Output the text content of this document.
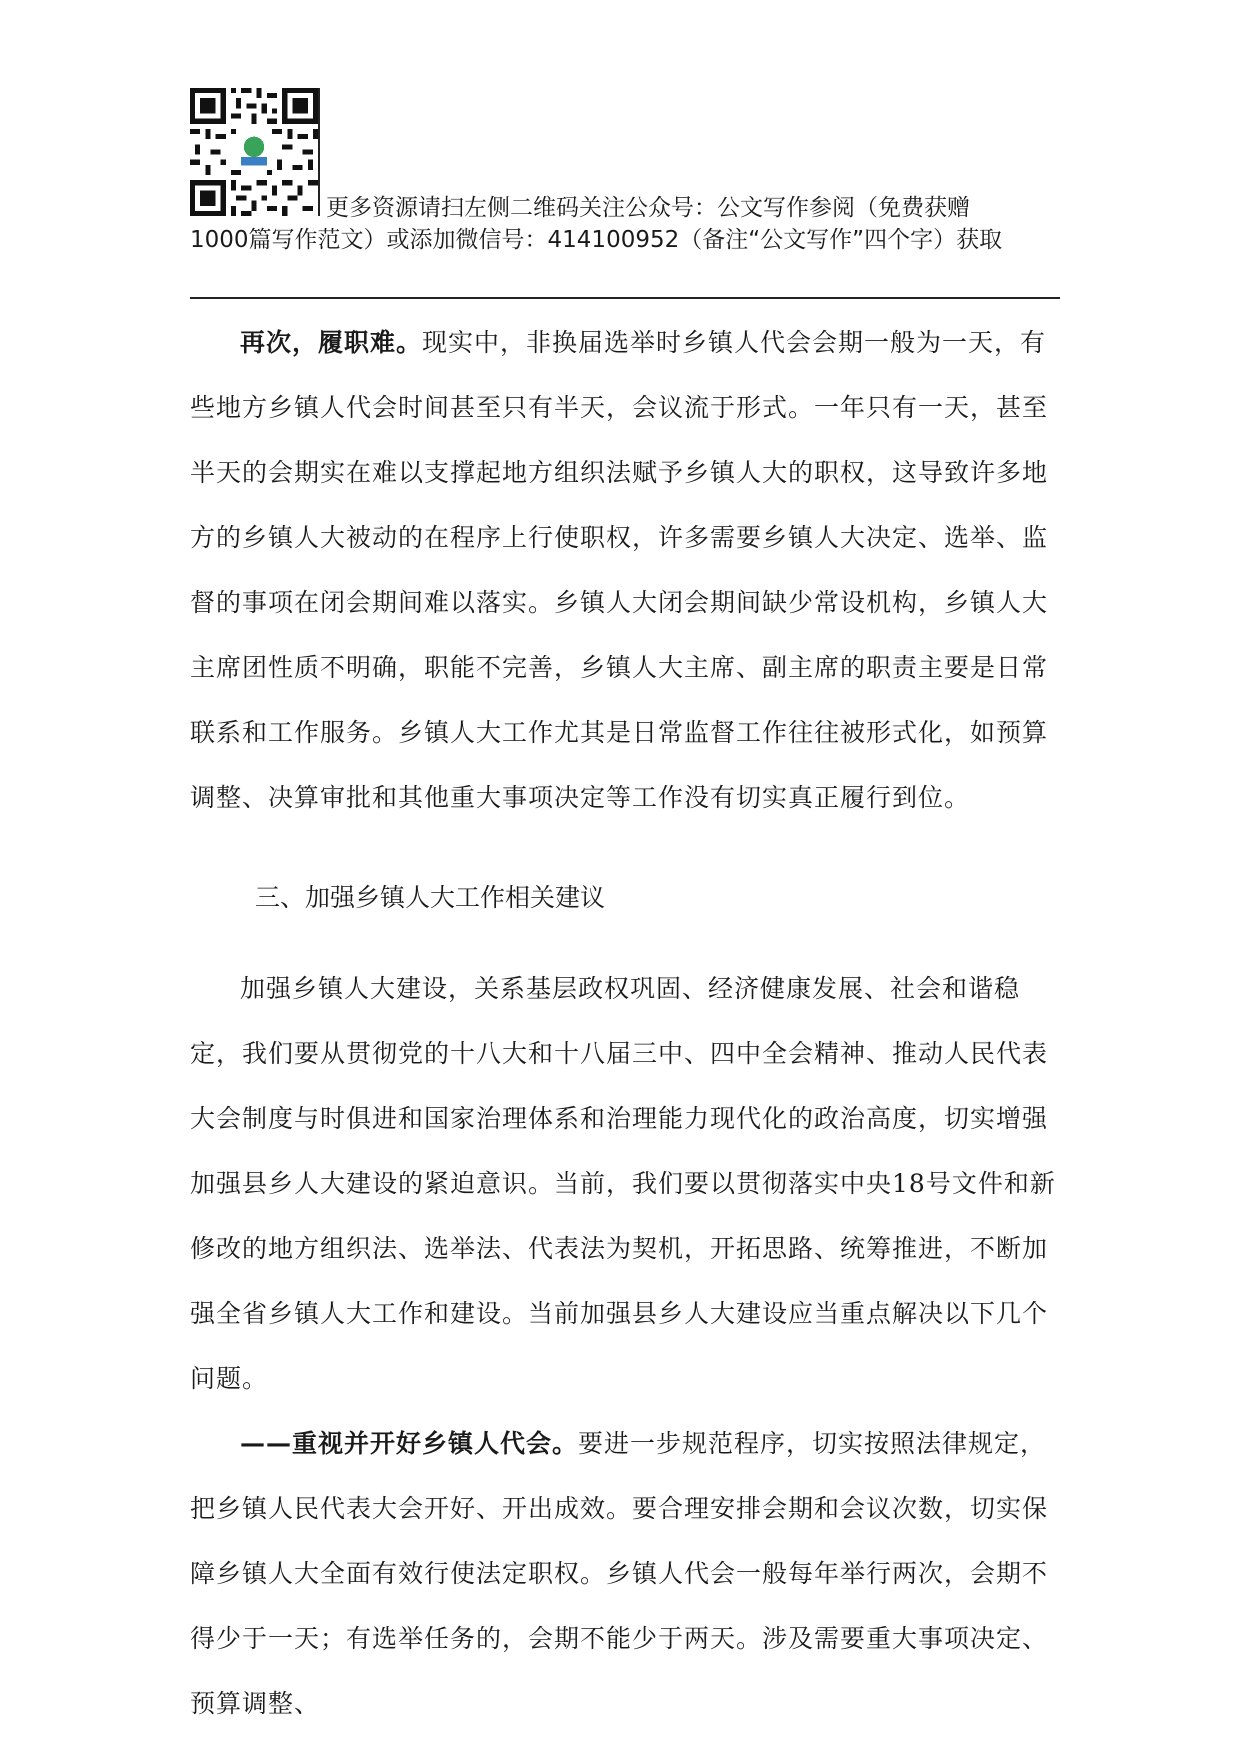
更多资源请扫左侧二维码关注公众号：公文写作参阅（免费获赠
1000篇写作范文）或添加微信号：414100952（备注“公文写作”四个字）获取

再次，履职难。现实中，非换届选举时乡镇人代会会期一般为一天，有些地方乡镇人代会时间甚至只有半天，会议流于形式。一年只有一天，甚至半天的会期实在难以支撑起地方组织法赋予乡镇人大的职权，这导致许多地方的乡镇人大被动的在程序上行使职权，许多需要乡镇人大决定、选举、监督的事项在闭会期间难以落实。乡镇人大闭会期间缺少常设机构，乡镇人大主席团性质不明确，职能不完善，乡镇人大主席、副主席的职责主要是日常联系和工作服务。乡镇人大工作尤其是日常监督工作往往被形式化，如预算调整、决算审批和其他重大事项决定等工作没有切实真正履行到位。

三、加强乡镇人大工作相关建议

加强乡镇人大建设，关系基层政权巩固、经济健康发展、社会和谐稳定，我们要从贯彻党的十八大和十八届三中、四中全会精神、推动人民代表大会制度与时俱进和国家治理体系和治理能力现代化的政治高度，切实增强加强县乡人大建设的紧迫意识。当前，我们要以贯彻落实中央18号文件和新修改的地方组织法、选举法、代表法为契机，开拓思路、统筹推进，不断加强全省乡镇人大工作和建设。当前加强县乡人大建设应当重点解决以下几个问题。

——重视并开好乡镇人代会。要进一步规范程序，切实按照法律规定，把乡镇人民代表大会开好、开出成效。要合理安排会期和会议次数，切实保障乡镇人大全面有效行使法定职权。乡镇人代会一般每年举行两次，会期不得少于一天；有选举任务的，会期不能少于两天。涉及需要重大事项决定、预算调整、
